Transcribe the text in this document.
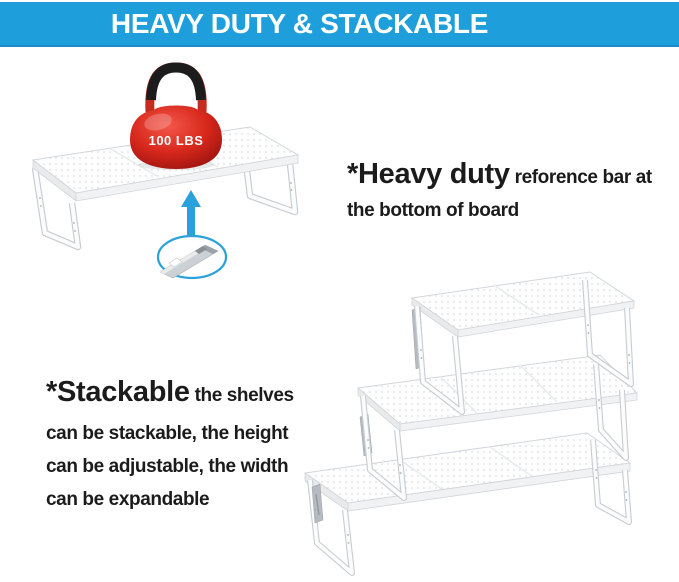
HEAVY DUTY & STACKABLE
100 LBS
*Heavy duty reforence bar at
the bottom of board
*Stackable the shelves
can be stackable, the height
can be adjustable, the width
can be expandable
